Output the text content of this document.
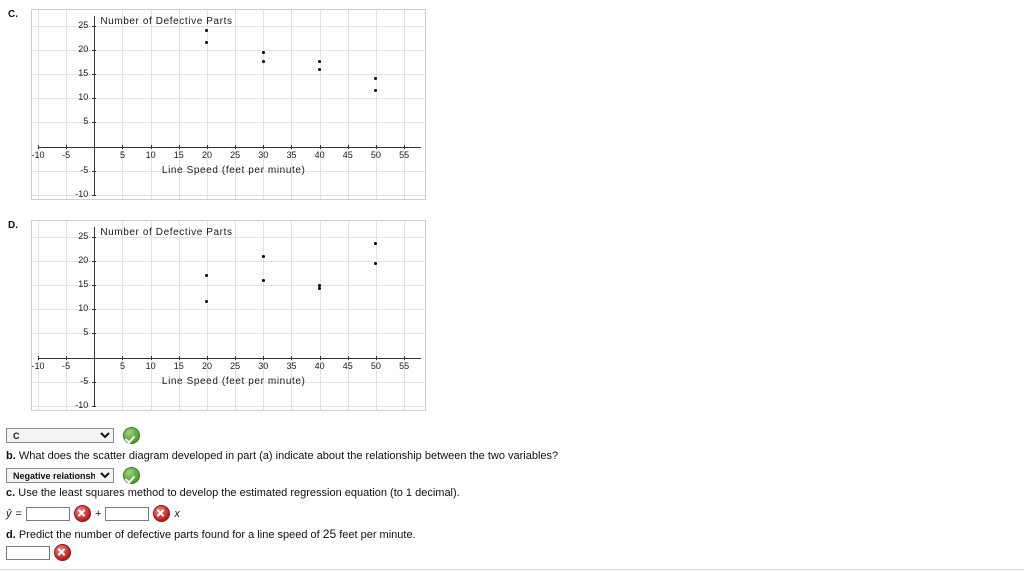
C.
-10	-5	5	10 15 20 25 30 35 40 45 50 55
25
20
15
10
5
-5
-10
Number of Defective Parts
Line Speed (feet per minute)
D.
-10	-5	5	10 15 20 25 30 35 40 45 50 55
25
20
15
10
5
-5
-10
Number of Defective Parts
Line Speed (feet per minute)
C
b. What does the scatter diagram developed in part (a) indicate about the relationship between the two variables?
Negative relationship
c. Use the least squares method to develop the estimated regression equation (to 1 decimal).
ŷ =	+	x
d. Predict the number of defective parts found for a line speed of 25 feet per minute.
